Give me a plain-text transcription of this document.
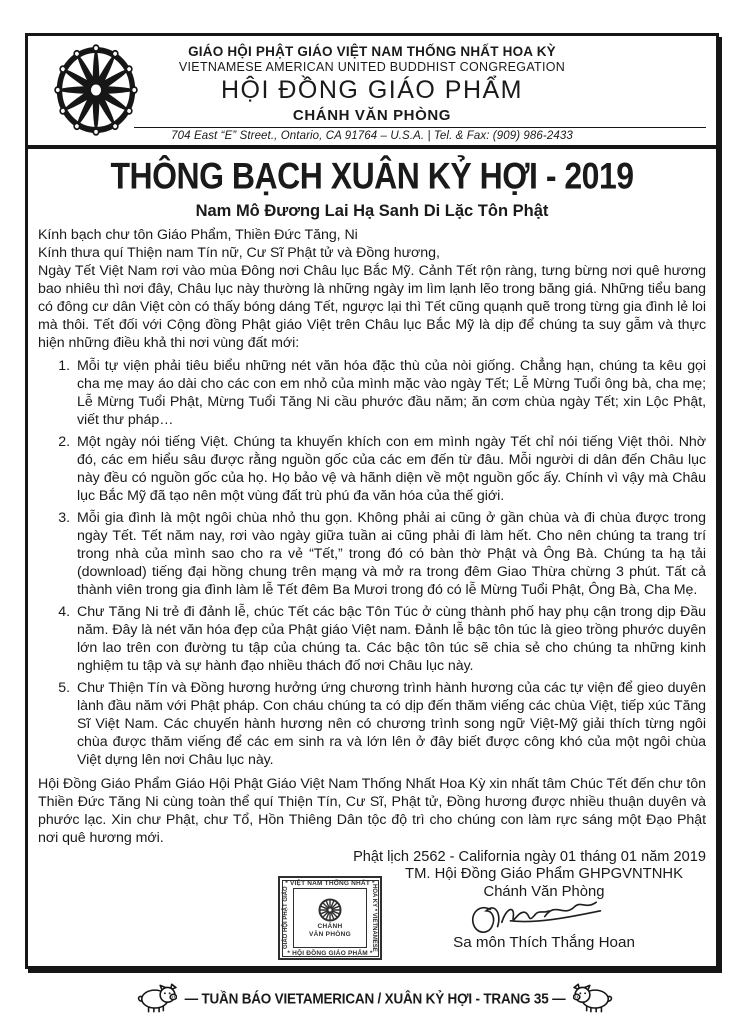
GIÁO HỘI PHẬT GIÁO VIỆT NAM THỐNG NHẤT HOA KỲ
VIETNAMESE AMERICAN UNITED BUDDHIST CONGREGATION
HỘI ĐỒNG GIÁO PHẨM
CHÁNH VĂN PHÒNG
704 East “E” Street., Ontario, CA 91764 – U.S.A. | Tel. & Fax: (909) 986-2433
THÔNG BẠCH XUÂN KỶ HỢI - 2019
Nam Mô Đương Lai Hạ Sanh Di Lặc Tôn Phật
Kính bạch chư tôn Giáo Phẩm, Thiền Đức Tăng, Ni
Kính thưa quí Thiện nam Tín nữ, Cư Sĩ Phật tử và Đồng hương,
Ngày Tết Việt Nam rơi vào mùa Đông nơi Châu lục Bắc Mỹ. Cảnh Tết rộn ràng, tưng bừng nơi quê hương bao nhiêu thì nơi đây, Châu lục này thường là những ngày im lìm lạnh lẽo trong băng giá. Những tiểu bang có đông cư dân Việt còn có thấy bóng dáng Tết, ngược lại thì Tết cũng quạnh quẽ trong từng gia đình lẻ loi mà thôi. Tết đối với Cộng đồng Phật giáo Việt trên Châu lục Bắc Mỹ là dịp để chúng ta suy gẫm và thực hiện những điều khả thi nơi vùng đất mới:
1. Mỗi tự viện phải tiêu biểu những nét văn hóa đặc thù của nòi giống. Chẳng hạn, chúng ta kêu gọi cha mẹ may áo dài cho các con em nhỏ của mình mặc vào ngày Tết; Lễ Mừng Tuổi ông bà, cha mẹ; Lễ Mừng Tuổi Phật, Mừng Tuổi Tăng Ni cầu phước đầu năm; ăn cơm chùa ngày Tết; xin Lộc Phật, viết thư pháp…
2. Một ngày nói tiếng Việt. Chúng ta khuyến khích con em mình ngày Tết chỉ nói tiếng Việt thôi. Nhờ đó, các em hiểu sâu được rằng nguồn gốc của các em đến từ đâu. Mỗi người di dân đến Châu lục này đều có nguồn gốc của họ. Họ bảo vệ và hãnh diện về một nguồn gốc ấy. Chính vì vậy mà Châu lục Bắc Mỹ đã tạo nên một vùng đất trù phú đa văn hóa của thế giới.
3. Mỗi gia đình là một ngôi chùa nhỏ thu gọn. Không phải ai cũng ở gần chùa và đi chùa được trong ngày Tết. Tết năm nay, rơi vào ngày giữa tuần ai cũng phải đi làm hết. Cho nên chúng ta trang trí trong nhà của mình sao cho ra vẻ “Tết,” trong đó có bàn thờ Phật và Ông Bà. Chúng ta hạ tải (download) tiếng đại hồng chung trên mạng và mở ra trong đêm Giao Thừa chừng 3 phút. Tất cả thành viên trong gia đình làm lễ Tết đêm Ba Mươi trong đó có lễ Mừng Tuổi Phật, Ông Bà, Cha Mẹ.
4. Chư Tăng Ni trẻ đi đảnh lễ, chúc Tết các bậc Tôn Túc ở cùng thành phố hay phụ cận trong dịp Đầu năm. Đây là nét văn hóa đẹp của Phật giáo Việt nam. Đảnh lễ bậc tôn túc là gieo trồng phước duyên lớn lao trên con đường tu tập của chúng ta. Các bậc tôn túc sẽ chia sẻ cho chúng ta những kinh nghiệm tu tập và sự hành đạo nhiều thách đố nơi Châu lục này.
5. Chư Thiện Tín và Đồng hương hưởng ứng chương trình hành hương của các tự viện để gieo duyên lành đầu năm với Phật pháp. Con cháu chúng ta có dịp đến thăm viếng các chùa Việt, tiếp xúc Tăng Sĩ Việt Nam. Các chuyến hành hương nên có chương trình song ngữ Việt-Mỹ giải thích từng ngôi chùa được thăm viếng để các em sinh ra và lớn lên ở đây biết được công khó của một ngôi chùa Việt dựng lên nơi Châu lục này.
Hội Đồng Giáo Phẩm Giáo Hội Phật Giáo Việt Nam Thống Nhất Hoa Kỳ xin nhất tâm Chúc Tết đến chư tôn Thiền Đức Tăng Ni cùng toàn thể quí Thiện Tín, Cư Sĩ, Phật tử, Đồng hương được nhiều thuận duyên và phước lạc. Xin chư Phật, chư Tổ, Hồn Thiêng Dân tộc độ trì cho chúng con làm rực sáng một Đạo Phật nơi quê hương mới.
Phật lịch 2562 - California ngày 01 tháng 01 năm 2019
* VIỆT NAM THỐNG NHẤT *
GIÁO HỘI PHẬT GIÁO	HOA KỲ * VIETNAMESE
* HỘI ĐỒNG GIÁO PHẨM *
CHÁNH
VĂN PHÒNG
TM. Hội Đồng Giáo Phẩm GHPGVNTNHK
Chánh Văn Phòng
Sa môn Thích Thắng Hoan
— TUẦN BÁO VIETAMERICAN / XUÂN KỶ HỢI - TRANG 35 —
